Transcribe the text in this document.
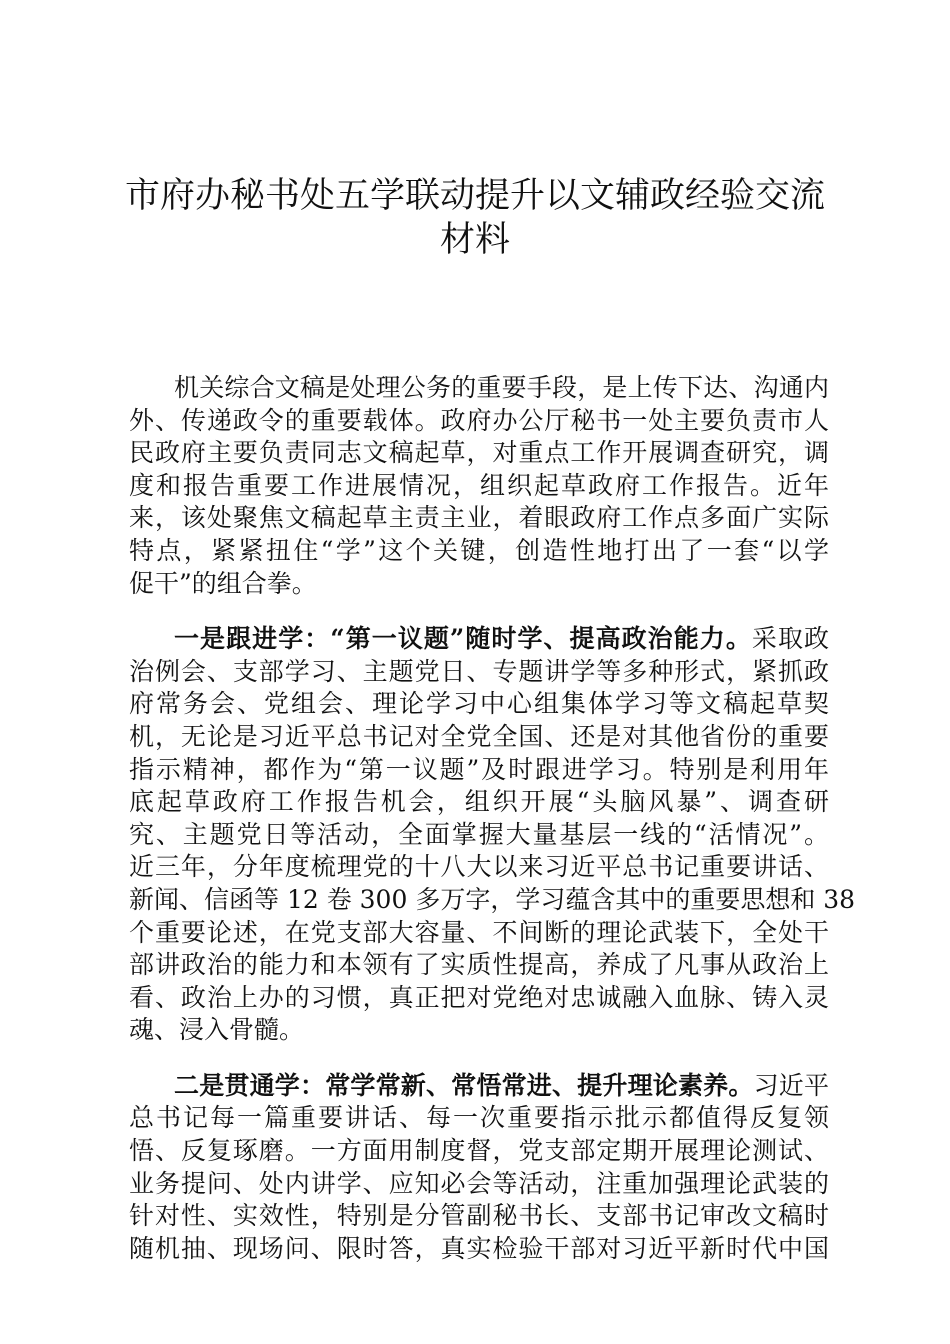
市府办秘书处五学联动提升以文辅政经验交流
材料
机关综合文稿是处理公务的重要手段，是上传下达、沟通内
外、传递政令的重要载体。政府办公厅秘书一处主要负责市人
民政府主要负责同志文稿起草，对重点工作开展调查研究，调
度和报告重要工作进展情况，组织起草政府工作报告。近年
来，该处聚焦文稿起草主责主业，着眼政府工作点多面广实际
特点，紧紧扭住“学”这个关键，创造性地打出了一套“以学
促干”的组合拳。
一是跟进学：“第一议题”随时学、提高政治能力。采取政
治例会、支部学习、主题党日、专题讲学等多种形式，紧抓政
府常务会、党组会、理论学习中心组集体学习等文稿起草契
机，无论是习近平总书记对全党全国、还是对其他省份的重要
指示精神，都作为“第一议题”及时跟进学习。特别是利用年
底起草政府工作报告机会，组织开展“头脑风暴”、调查研
究、主题党日等活动，全面掌握大量基层一线的“活情况”。
近三年，分年度梳理党的十八大以来习近平总书记重要讲话、
新闻、信函等 12 卷 300 多万字，学习蕴含其中的重要思想和 38
个重要论述，在党支部大容量、不间断的理论武装下，全处干
部讲政治的能力和本领有了实质性提高，养成了凡事从政治上
看、政治上办的习惯，真正把对党绝对忠诚融入血脉、铸入灵
魂、浸入骨髓。
二是贯通学：常学常新、常悟常进、提升理论素养。习近平
总书记每一篇重要讲话、每一次重要指示批示都值得反复领
悟、反复琢磨。一方面用制度督，党支部定期开展理论测试、
业务提问、处内讲学、应知必会等活动，注重加强理论武装的
针对性、实效性，特别是分管副秘书长、支部书记审改文稿时
随机抽、现场问、限时答，真实检验干部对习近平新时代中国
